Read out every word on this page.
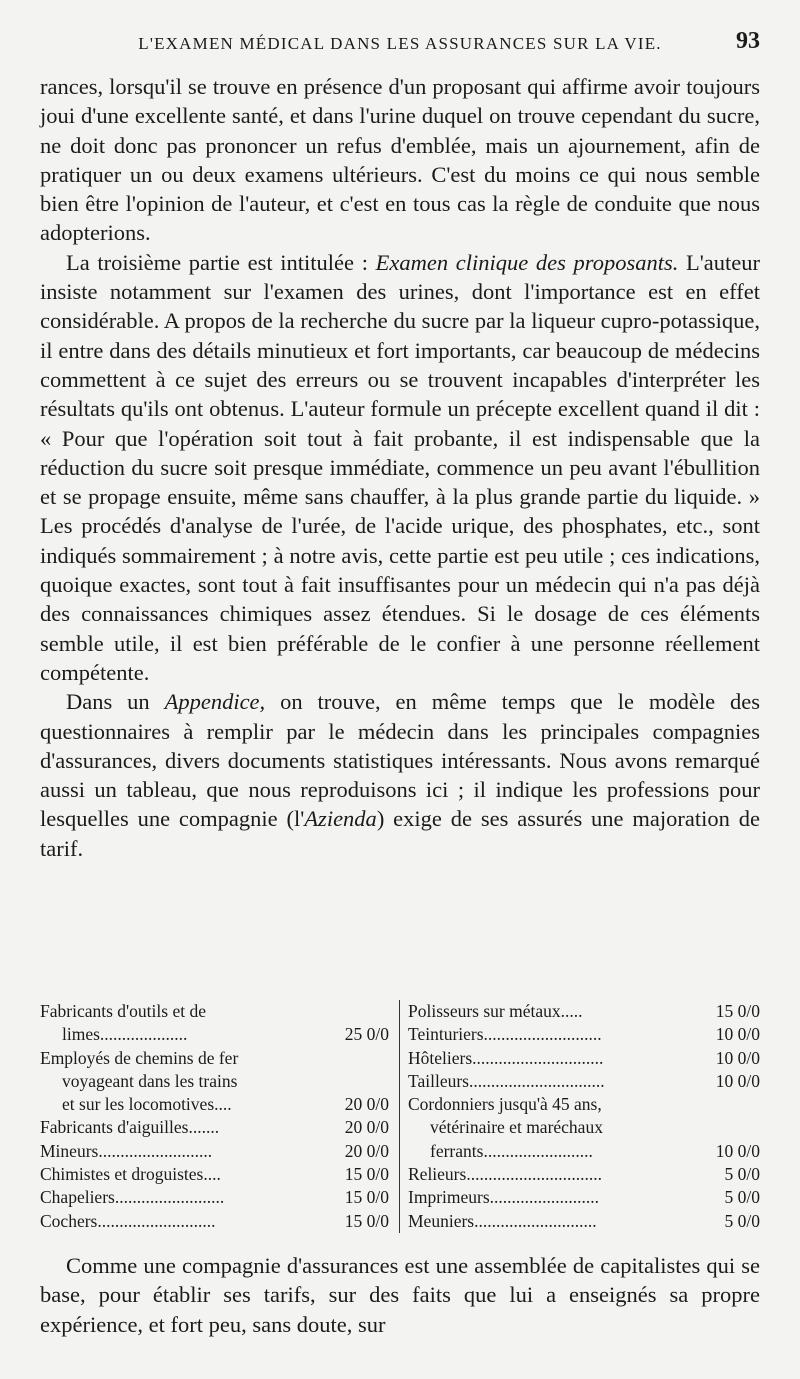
L'EXAMEN MÉDICAL DANS LES ASSURANCES SUR LA VIE.	93

rances, lorsqu'il se trouve en présence d'un proposant qui affirme avoir toujours joui d'une excellente santé, et dans l'urine duquel on trouve cependant du sucre, ne doit donc pas prononcer un refus d'emblée, mais un ajournement, afin de pratiquer un ou deux examens ultérieurs. C'est du moins ce qui nous semble bien être l'opinion de l'auteur, et c'est en tous cas la règle de conduite que nous adopterions.

La troisième partie est intitulée : Examen clinique des proposants. L'auteur insiste notamment sur l'examen des urines, dont l'importance est en effet considérable. A propos de la recherche du sucre par la liqueur cupro-potassique, il entre dans des détails minutieux et fort importants, car beaucoup de médecins commettent à ce sujet des erreurs ou se trouvent incapables d'interpréter les résultats qu'ils ont obtenus. L'auteur formule un précepte excellent quand il dit : « Pour que l'opération soit tout à fait probante, il est indispensable que la réduction du sucre soit presque immédiate, commence un peu avant l'ébullition et se propage ensuite, même sans chauffer, à la plus grande partie du liquide. » Les procédés d'analyse de l'urée, de l'acide urique, des phosphates, etc., sont indiqués sommairement ; à notre avis, cette partie est peu utile ; ces indications, quoique exactes, sont tout à fait insuffisantes pour un médecin qui n'a pas déjà des connaissances chimiques assez étendues. Si le dosage de ces éléments semble utile, il est bien préférable de le confier à une personne réellement compétente.

Dans un Appendice, on trouve, en même temps que le modèle des questionnaires à remplir par le médecin dans les principales compagnies d'assurances, divers documents statistiques intéressants. Nous avons remarqué aussi un tableau, que nous reproduisons ici ; il indique les professions pour lesquelles une compagnie (l'Azienda) exige de ses assurés une majoration de tarif.

Fabricants d'outils et de
limes....................	25 0/0
Employés de chemins de fer
voyageant dans les trains
et sur les locomotives....	20 0/0
Fabricants d'aiguilles.......	20 0/0
Mineurs..........................	20 0/0
Chimistes et droguistes....	15 0/0
Chapeliers.........................	15 0/0
Cochers...........................	15 0/0
Polisseurs sur métaux.....	15 0/0
Teinturiers...........................	10 0/0
Hôteliers..............................	10 0/0
Tailleurs...............................	10 0/0
Cordonniers jusqu'à 45 ans,
vétérinaire et maréchaux
ferrants.........................	10 0/0
Relieurs...............................	5 0/0
Imprimeurs.........................	5 0/0
Meuniers............................	5 0/0

Comme une compagnie d'assurances est une assemblée de capitalistes qui se base, pour établir ses tarifs, sur des faits que lui a enseignés sa propre expérience, et fort peu, sans doute, sur
